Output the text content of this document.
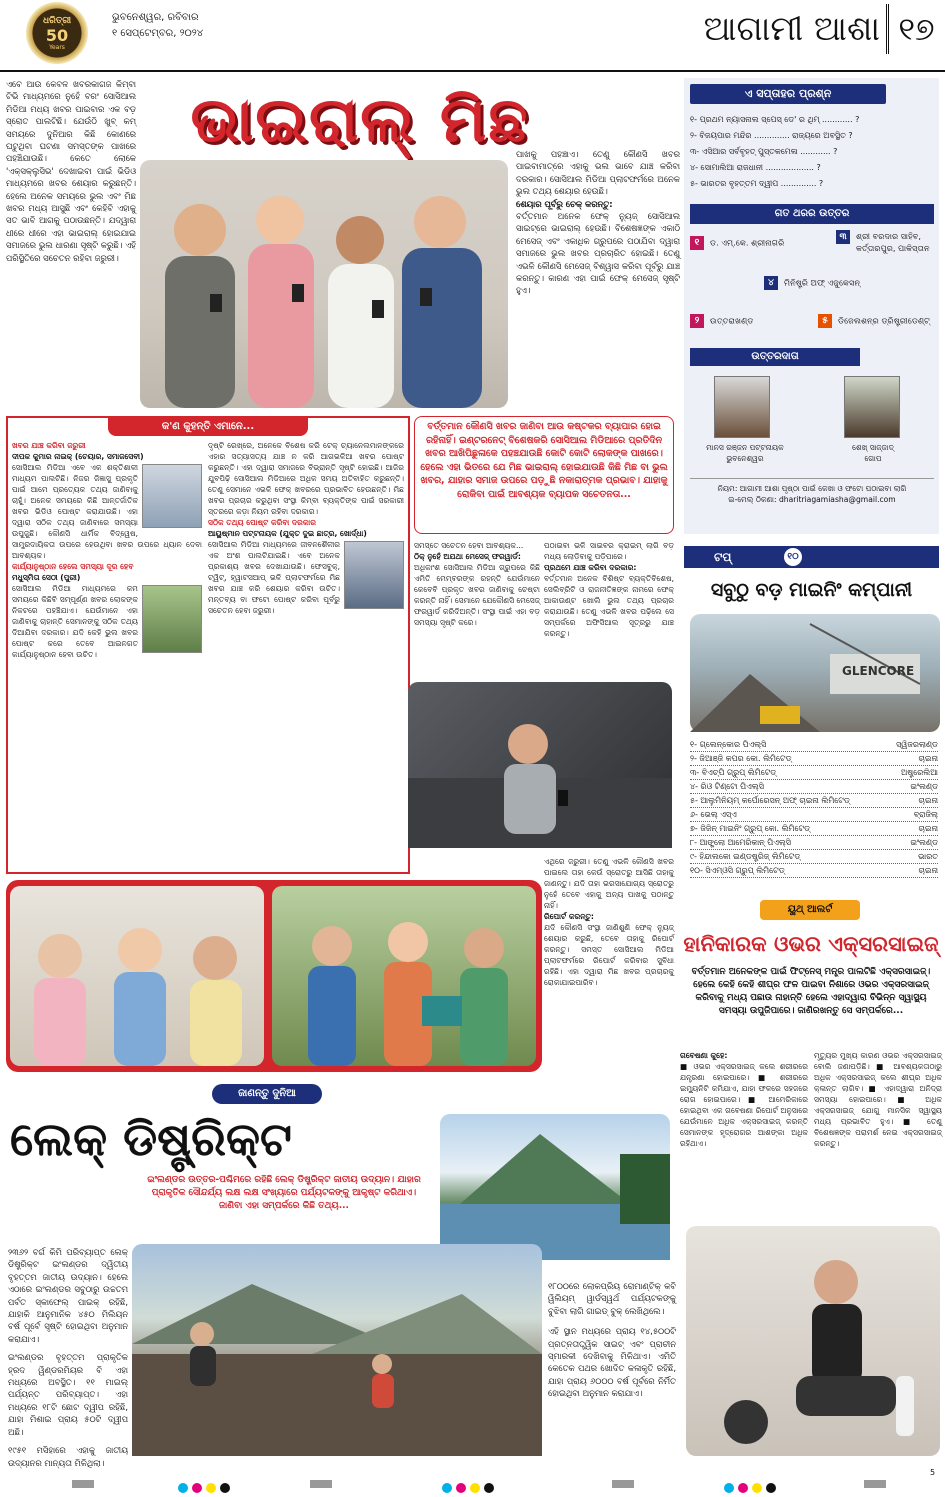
ଧରିତ୍ରୀ
50
Years
ଭୁବନେଶ୍ୱର, ରବିବାର
୧ ସେପ୍ଟେମ୍ବର, ୨୦୨୪	ଆଗାମୀ ଆଶା ୧୭
ଏବେ ଆଉ କେବଳ ଖବରକାଗଜ କିମ୍ବା ଟିଭି ମାଧ୍ୟମରେ ନୁହେଁ ବରଂ ସୋସିଆଲ ମିଡିଆ ମଧ୍ୟ ଖବର ପାଇବାର ଏକ ବଡ଼ ସ୍ରୋତ ପାଲଟିଛି। ଯେଉଁଠି ଖୁବ୍ କମ୍ ସମୟରେ ଦୁନିଆର କିଛି କୋଣରେ ଘଟୁଥିବା ଘଟଣା ସମସ୍ତଙ୍କ ପାଖରେ ପହଞ୍ଚିଯାଉଛି। କେତେ ଲୋକେ 'ଏକ୍ସକ୍ଲୁସିଭ' ଦେଖାଇବା ପାଇଁ ଭିଡିଓ ମାଧ୍ୟମରେ ଖବର ଶେୟାର କରୁଛନ୍ତି। ହେଲେ ଅନେକ ସମୟରେ ଭୁଲ ଏବଂ ମିଛ ଖବର ମଧ୍ୟ ଆସୁଛି ଏବଂ କେହିବି ଏହାକୁ ସତ ଭାବି ଆଗକୁ ପଠାଉଛନ୍ତି। ଯଦ୍ୱାରା ଧୀରେ ଧୀରେ ଏହା ଭାଇରାଲ୍ ହୋଇଯାଇ ସମାଜରେ ଭୁଲ ଧାରଣା ସୃଷ୍ଟି କରୁଛି। ଏହି ପରିସ୍ଥିତିରେ ସଚେତନ ରହିବା ଜରୁରୀ।
ଭାଇରାଲ୍ ମିଛ
ପାଖକୁ ପହଞ୍ଚାଏ। ତେଣୁ କୌଣସି ଖବର ପାଇବାମାତ୍ରେ ଏହାକୁ ଭଲ ଭାବେ ଯାଞ୍ଚ କରିବା ଦରକାର। ସୋସିଆଲ ମିଡିଆ ପ୍ଲାଟଫର୍ମରେ ଅନେକ ଭୁଲ ତଥ୍ୟ ଶେୟାର ହେଉଛି।
ଶେୟାର ପୂର୍ବରୁ ଚେକ୍ କରନ୍ତୁ:
ବର୍ତ୍ତମାନ ଅନେକ ଫେକ୍ ନ୍ୟୁଜ୍ ସୋସିଆଲ ସାଇଟ୍‌ରେ ଭାଇରାଲ୍ ହେଉଛି। ବିଶେଷଜ୍ଞଙ୍କ ଏକାଠି ମେସେଜ୍ ଏବଂ ଏକାଧିକ ଗ୍ରୁପରେ ପଠାଯିବା ଦ୍ୱାରା ସମାଜରେ ଭୁଲ ଖବର ପ୍ରଚାରିତ ହୋଇଛି। ତେଣୁ ଏଭଳି କୌଣସି ମେସେଜ୍ ବିଶ୍ୱାସ କରିବା ପୂର୍ବରୁ ଯାଞ୍ଚ କରନ୍ତୁ। କାରଣ ଏହା ପାଇଁ ଫେକ୍ ମେସେଜ୍ ସୃଷ୍ଟି ହୁଏ।
କ'ଣ କୁହନ୍ତି ଏମାନେ...
ଖବର ଯାଞ୍ଚ କରିବା ଜରୁରୀ
ଦୀପକ କୁମାର ନାଇକ୍ (ଚେୟାର, ସମାଜସେବୀ)
ସୋସିଆଲ ମିଡିଆ ଏବେ ଏକ ଶକ୍ତିଶାଳୀ ମାଧ୍ୟମ ପାଲଟିଛି। ନିଜର ଜିଜ୍ଞାସୁ ପ୍ରକୃତି ପାଇଁ ଆମେ ପ୍ରତ୍ୟେକ ତଥ୍ୟ ଜାଣିବାକୁ ଚାହୁଁ। ଅନେକ ସମୟରେ କିଛି ଆନ୍ତର୍ଜାତିକ ଖବର ଭିଡିଓ ପୋଷ୍ଟ କରାଯାଉଛି। ଏହା ଦ୍ୱାରା ସଠିକ ତଥ୍ୟ ଜାଣିବାରେ ସମସ୍ୟା ଉପୁଜୁଛି। କୌଣସି ଧାର୍ମିକ ବିଦ୍ୱେଷ, ସାମ୍ପ୍ରଦାୟିକତା ଉପରେ ହେଉଥିବା ଖବର ଉପରେ ଧ୍ୟାନ ଦେବା ଆବଶ୍ୟକ।
କାର୍ଯ୍ୟାନୁଷ୍ଠାନ ହେଲେ ସମସ୍ୟା ଦୂର ହେବ
ମଧୁସ୍ମିତା ସେଠୀ (ପୁରୀ)
ସୋସିଆଲ ମିଡିଆ ମାଧ୍ୟମରେ କମ ସମୟରେ କିଛିବି ସମ୍ପୂର୍ଣ୍ଣ ଖବର ଲୋକଙ୍କ ନିକଟରେ ପହଞ୍ଚିଯାଏ। ଯେଉଁମାନେ ଏହା ଜାଣିବାକୁ ଚାହାନ୍ତି ସେମାନଙ୍କୁ ସଠିକ ତଥ୍ୟ ଦିଆଯିବା ଦରକାର। ଯଦି କେହି ଭୁଲ ଖବର ପୋଷ୍ଟ କରେ ତେବେ ଆଇନଗତ କାର୍ଯ୍ୟାନୁଷ୍ଠାନ ହେବା ଉଚିତ।
ଦୃଷ୍ଟି ରେଖ୍‌ରେ, ଅନେକେ ବିଶେଷ କରି ଟେକ୍ ଚ୍ୟାନେଲମାନଙ୍କରେ ଏହାର ସତ୍ୟାସତ୍ୟ ଯାଞ୍ଚ ନ କରି ଆଗଭଳିଆ ଖବର ପୋଷ୍ଟ କରୁଛନ୍ତି। ଏହା ଦ୍ୱାରା ସମାଜରେ ବିଭ୍ରାନ୍ତି ସୃଷ୍ଟି ହୋଇଛି। ଆଜିର ଯୁବପିଢ଼ି ସୋସିଆଲ ମିଡିଆରେ ଅଧିକ ସମୟ ଅତିବାହିତ କରୁଛନ୍ତି। ତେଣୁ ସେମାନେ ଏଭଳି ଫେକ୍ ଖବରରେ ପ୍ରଭାବିତ ହେଉଛନ୍ତି। ମିଛ ଖବର ପ୍ରଚାର କରୁଥିବା ସଂସ୍ଥା କିମ୍ବା ବ୍ୟକ୍ତିଙ୍କ ପାଇଁ ସରକାରୀ ସ୍ତରରେ କଡ଼ା ନିୟମ ରହିବା ଦରକାର।
ସଠିକ ତଥ୍ୟ ପୋଷ୍ଟ କରିବା ଦରକାର
ଆୟୁଷ୍ମାନ ପଟ୍ଟନାୟକ (ଯୁକ୍ତ ଦୁଇ ଛାତ୍ର, ଖୋର୍ଦ୍ଧା)
ସୋସିଆଲ ମିଡିଆ ମାଧ୍ୟମରେ ଜୀବନଶୈଳୀର ଏକ ଅଂଶ ପାଲଟିଯାଇଛି। ଏବେ ଅନେକ ପ୍ରକାଶ୍ୟ ଖବର ଦେଖାଯାଉଛି। ଫେସବୁକ୍, ଟ୍ୱିଟ୍, ହ୍ୱାଟସଆପ୍ ଭଳି ପ୍ଲାଟଫର୍ମରେ ମିଛ ଖବର ଯାଞ୍ଚ କରି ଶେୟାର କରିବା ଉଚିତ। ମନ୍ତବ୍ୟ ବା ଫଟୋ ପୋଷ୍ଟ କରିବା ପୂର୍ବରୁ ସଚେତନ ହେବା ଜରୁରୀ।
ବର୍ତ୍ତମାନ କୌଣସି ଖବର ଜାଣିବା ଆଉ କଷ୍ଟକର ବ୍ୟାପାର ହୋଇ ରହିନାହିଁ। ଇଣ୍ଟରନେଟ୍ ବିଶେଷକରି ସୋସିଆଲ ମିଡିଆରେ ପ୍ରତିଦିନ ଖବର ଆଖିପିଛୁଳାକେ ପହଞ୍ଚଯାଉଛି କୋଟି କୋଟି ଲୋକଙ୍କ ପାଖରେ। ହେଲେ ଏହା ଭିତରେ ଯେ ମିଛ ଭାଇରାଲ୍ ହୋଇଯାଉଛି କିଛି ମିଛ ବା ଭୁଲ ଖବର, ଯାହାର ସମାଜ ଉପରେ ପଡ଼ୁଛି ନକାରାତ୍ମକ ପ୍ରଭାବ। ଯାହାକୁ ରୋକିବା ପାଇଁ ଆବଶ୍ୟକ ବ୍ୟାପକ ସଚେତନତା...
ସମସ୍ତେ ସଚେତନ ହେବା ଆବଶ୍ୟକ...
ଠିକ୍ ନୁହେଁ ଅଯଥା ମେସେଜ୍ ଫରୱାର୍ଡ:
ଅଧିକାଂଶ ସୋସିଆଲ ମିଡିଆ ଗ୍ରୁପରେ କିଛି ଏମିତି ମେମ୍ବରଙ୍କ ରହନ୍ତି ଯେଉଁମାନେ କେବେବି ପ୍ରକୃତ ଖବର ଜାଣିବାକୁ ଚେଷ୍ଟା କରନ୍ତି ନାହିଁ। ସେମାନେ ଯେକୌଣସି ମେସେଜ୍ ଫରୱାର୍ଡ କରିଦିଅନ୍ତି। ସଂସ୍ଥା ପାଇଁ ଏହା ବଡ଼ ସମସ୍ୟା ସୃଷ୍ଟି କରେ।
ପଠାଇବା ଭଳି ସାଇବର କ୍ରାଇମ୍ ଲାଗି ବଡ଼ ମଧ୍ୟ ଲୋଡ଼ିବାକୁ ପଡ଼ିପାରେ।
ପ୍ରଥମେ ଯାଞ୍ଚ କରିବା ଦରକାର:
ବର୍ତ୍ତମାନ ଅନେକ ବିଶିଷ୍ଟ ବ୍ୟକ୍ତିବିଶେଷ, ସେଲିବ୍ରିଟି ଓ ରାଜନୀତିଜ୍ଞଙ୍କ ନାମରେ ଫେକ୍ ଆକାଉଣ୍ଟ ଖୋଲି ଭୁଲ ତଥ୍ୟ ପ୍ରଚାର କରାଯାଉଛି। ତେଣୁ ଏଭଳି ଖବର ପଢ଼ିଲେ ସେ ସମ୍ପର୍କରେ ଅଫିସିଆଲ ସୂତ୍ରରୁ ଯାଞ୍ଚ କରନ୍ତୁ।
ଏଥିରେ ଜରୁରୀ। ତେଣୁ ଏଭଳି କୌଣସି ଖବର ପାଇଲେ ତାହା କେଉଁ ସ୍ରୋତରୁ ଆସିଛି ତାହାକୁ ଜାଣନ୍ତୁ। ଯଦି ତାହା ଭରସାଯୋଗ୍ୟ ସ୍ରୋତରୁ ନୁହେଁ ତେବେ ଏହାକୁ ଅନ୍ୟ ପାଖକୁ ପଠାନ୍ତୁ ନାହିଁ।
ରିପୋର୍ଟ କରନ୍ତୁ:
ଯଦି କୌଣସି ସଂସ୍ଥା ଜାଣିଶୁଣି ଫେକ୍ ନ୍ୟୁଜ୍ ଶେୟାର କରୁଛି, ତେବେ ତାହାକୁ ରିପୋର୍ଟ କରନ୍ତୁ। ସମସ୍ତ ସୋସିଆଲ ମିଡିଆ ପ୍ଲାଟଫର୍ମରେ ରିପୋର୍ଟ କରିବାର ସୁବିଧା ରହିଛି। ଏହା ଦ୍ୱାରା ମିଛ ଖବର ପ୍ରଚାରକୁ ରୋକାଯାଇପାରିବ।
ଏ ସପ୍ତାହର ପ୍ରଶ୍ନ
୧- ପ୍ରଥମ ନ୍ୟାସନାଲ ସ୍ପେସ୍ ଡେ' ର ଥିମ୍ ............ ?
୨- ବିଜୟପାର ମନ୍ଦିର .............. ରାଜ୍ୟରେ ଅବସ୍ଥିତ ?
୩- ଏସିଆର ସର୍ବବୃହତ୍ ପୁସ୍ତକମେଳା ............ ?
୪- ସୋମାଲିଆ ରାଜଧାନୀ ................... ?
୫- ଭାରତର ବୃହତ୍ତମ ଦ୍ୱୀପ .............. ?
ଗତ ଥରର ଉତ୍ତର
୧ ଡ. ଏମ୍.କେ. ଶ୍ରୀନାଗରି
୩	ଶ୍ରୀ ବରଦାର ସାହିବ, କର୍ତ୍ତାରପୁର, ପାକିସ୍ତାନ
୪ ମିନିଷ୍ଟ୍ରି ଅଫ୍ ଏଜୁକେସନ୍
୨ ଉତ୍ତରାଖଣ୍ଡ	୫ ଡିଜେଲଶନ୍‌ର ଡ୍ରିଷ୍ଟ୍ରୀଡେଣ୍ଟ୍
ଉତ୍ତରଦାତା
ମାନସ ରଞ୍ଜନ ପଟ୍ଟନାୟକ
ଭୁବନେଶ୍ୱର
ଶେଖ୍ ସାଜ୍ଜାଦ୍
ଗୋପ
ନିୟମ: ଆଗାମୀ ଆଶା ପୃଷ୍ଠା ପାଇଁ କେଖା ଓ ଫଟୋ ପଠାଇବା ଲାଗି
ଇ-ମେଲ୍ ଠିକଣା: dharitriagamiasha@gmail.com
ଟପ୍	୧୦
ସବୁଠୁ ବଡ଼ ମାଇନିଂ କମ୍ପାନୀ
GLENCORE
୧- ଗ୍ଲେନ୍‌କୋର ପିଏଲ୍‌ସି	ସ୍ୱିଜରଲାଣ୍ଡ
୨- ଜିଆଞ୍ଜି କପର କୋ. ଲିମିଟେଡ୍	ଚାଇନା
୩- ବିଏଚ୍‌ପି ଗ୍ରୁପ୍ ଲିମିଟେଡ୍	ଅଷ୍ଟ୍ରେଲିଆ
୪- ରିଓ ଟିଣ୍ଟୋ ପିଏଲ୍‌ସି	ଇଂଲଣ୍ଡ
୫- ଆଲୁମିନିୟମ୍ କର୍ପୋରେସନ୍ ଅଫ୍ ଚାଇନା ଲିମିଟେଡ୍	ଚାଇନା
୬- ଭେଲ୍ ଏସ୍‌ଏ	ବ୍ରାଜିଲ୍
୭- ଜିଜିନ୍ ମାଇନିଂ ଗ୍ରୁପ୍ କୋ. ଲିମିଟେଡ୍	ଚାଇନା
୮- ଆଙ୍ଗ୍ଲୋ ଆମେରିକାନ୍ ପିଏଲ୍‌ସି	ଇଂଲଣ୍ଡ
୯- ହିନ୍ଦାଲକୋ ଇଣ୍ଡଷ୍ଟ୍ରିଜ୍ ଲିମିଟେଡ୍	ଭାରତ
୧୦- ସିଏମ୍‌ଓସି ଗ୍ରୁପ୍ ଲିମିଟେଡ୍	ଚାଇନା
ୟୁଥ୍ ଆଲର୍ଟ
ହାନିକାରକ ଓଭର ଏକ୍ସରସାଇଜ୍
ବର୍ତ୍ତମାନ ଅନେକଙ୍କ ପାଇଁ ଫିଟ୍‌ନେସ୍ ମନ୍ତ୍ର ପାଲଟିଛି ଏକ୍ସରସାଇଜ୍। ହେଲେ କେହି କେହି ଶୀଘ୍ର ଫଳ ପାଇବା ନିଶାରେ ଓଭର ଏକ୍ସରସାଇଜ୍ କରିବାକୁ ମଧ୍ୟ ପଛାଉ ନାହାନ୍ତି ହେଲେ ଏହାଦ୍ୱାରା ବିଭିନ୍ନ ସ୍ୱାସ୍ଥ୍ୟ ସମସ୍ୟା ଉପୁଜିପାରେ। ଜାଣିରଖନ୍ତୁ ସେ ସମ୍ପର୍କରେ...
ଗବେଷଣା କୁହେ:
■ ଓଭର ଏକ୍ସରସାଇଜ୍ କଲେ ଶରୀରରେ ଯନ୍ତ୍ରଣା ହୋଇପାରେ। ■ ଶରୀରରେ ଇମ୍ୟୁନିଟି କମିଯାଏ, ଯାହା ଫଳରେ ସହଜରେ ରୋଗ ହୋଇପାରେ। ■ ଆମେରିକାରେ ହୋଇଥିବା ଏକ ଗବେଷଣା ରିପୋର୍ଟ ଅନୁସାରେ ଯେଉଁମାନେ ଅଧିକ ଏକ୍ସରସାଇଜ୍ କରନ୍ତି ସେମାନଙ୍କ ହୃଦ୍‌ରୋଗର ଆଶଙ୍କା ଅଧିକ ରହିଥାଏ।
ମୃତ୍ୟୁର ମୁଖ୍ୟ କାରଣ ଓଭର ଏକ୍ସରସାଇଜ୍ ବୋଲି ଜଣାପଡ଼ିଛି। ■ ଆବଶ୍ୟକତାଠାରୁ ଅଧିକ ଏକ୍ସରସାଇଜ୍ କଲେ ଶୀଘ୍ର ଅଧିକ କ୍ଳାନ୍ତ ଲାଗିବ। ■ ଏହାଦ୍ୱାରା ଅନିଦ୍ରା ସମସ୍ୟା ହୋଇପାରେ। ■ ଅଧିକ ଏକ୍ସରସାଇଜ୍ ଯୋଗୁ ମାନସିକ ସ୍ୱାସ୍ଥ୍ୟ ମଧ୍ୟ ପ୍ରଭାବିତ ହୁଏ। ■ ତେଣୁ ବିଶେଷଜ୍ଞଙ୍କ ପରାମର୍ଶ ନେଇ ଏକ୍ସରସାଇଜ୍ କରନ୍ତୁ।
ଜାଣନ୍ତୁ ଦୁନିଆ
ଲେକ୍ ଡିଷ୍ଟ୍ରିକ୍ଟ
ଇଂଲଣ୍ଡର ଉତ୍ତର-ପଶ୍ଚିମରେ ରହିଛି ଲେକ୍ ଡିଷ୍ଟ୍ରିକ୍ଟ ଜାତୀୟ ଉଦ୍ୟାନ। ଯାହାର ପ୍ରାକୃତିକ ସୌନ୍ଦର୍ଯ୍ୟ ଲକ୍ଷ ଲକ୍ଷ ସଂଖ୍ୟାରେ ପର୍ଯ୍ୟଟକଙ୍କୁ ଆକୃଷ୍ଟ କରିଥାଏ। ଜାଣିବା ଏହା ସମ୍ପର୍କରେ କିଛି ତଥ୍ୟ...

୨୩୬୨ ବର୍ଗ କିମି ପରିବ୍ୟାପ୍ତ ଲେକ୍ ଡିଷ୍ଟ୍ରିକ୍ଟ ଇଂଲଣ୍ଡର ଦ୍ୱିତୀୟ ବୃହତ୍ତମ ଜାତୀୟ ଉଦ୍ୟାନ। ହେଲେ ଏଠାରେ ଇଂଲଣ୍ଡର ସବୁଠାରୁ ଉଚ୍ଚତମ ପର୍ବତ ସ୍କାଫେଲ୍ ପାଇକ୍ ରହିଛି, ଯାହାକି ଆନୁମାନିକ ୪୫୦ ମିଲିୟନ ବର୍ଷ ପୂର୍ବେ ସୃଷ୍ଟି ହୋଇଥିବା ଅନୁମାନ କରାଯାଏ।

ଇଂଲଣ୍ଡର ବୃହତ୍ତମ ପ୍ରାକୃତିକ ହ୍ରଦ ୱିଣ୍ଡରମିୟର ବି ଏହା ମଧ୍ୟରେ ଅବସ୍ଥିତ। ୧୧ ମାଇଲ୍ ପର୍ଯ୍ୟନ୍ତ ପରିବ୍ୟାପ୍ତ। ଏହା ମଧ୍ୟରେ ୧୮ଟି ଛୋଟ ଦ୍ୱୀପ ରହିଛି, ଯାହା ମିଶାଇ ପ୍ରାୟ ୫୦ଟି ଦ୍ୱୀପ ଅଛି।

୧୯୫୧ ମସିହାରେ ଏହାକୁ ଜାତୀୟ ଉଦ୍ୟାନର ମାନ୍ୟତା ମିଳିଥିଲା।

୧୮୦୦ରେ ଲୋକପ୍ରିୟ ରୋମାଣ୍ଟିକ୍ କବି ୱିଲିୟମ୍ ୱାର୍ଡସ୍‌ୱର୍ଥ ପର୍ଯ୍ୟଟକଙ୍କୁ ବୁଝିବା ଲାଗି ଗାଇଡ୍ ବୁକ୍ ଲେଖିଥିଲେ।

ଏହି ସ୍ଥାନ ମଧ୍ୟରେ ପ୍ରାୟ ୧୪,୫୦୦ଟି ପ୍ରତ୍ନତାତ୍ତ୍ୱିକ ସାଇଟ୍ ଏବଂ ପ୍ରାଚୀନ ସ୍ମାରକୀ ଦେଖିବାକୁ ମିଳିଥାଏ। ଏମିତି କେତେକ ପଥର ଖୋଦିତ କଳାକୃତି ରହିଛି, ଯାହା ପ୍ରାୟ ୬୦୦୦ ବର୍ଷ ପୂର୍ବରେ ନିର୍ମିତ ହୋଇଥିବା ଅନୁମାନ କରାଯାଏ।

5
